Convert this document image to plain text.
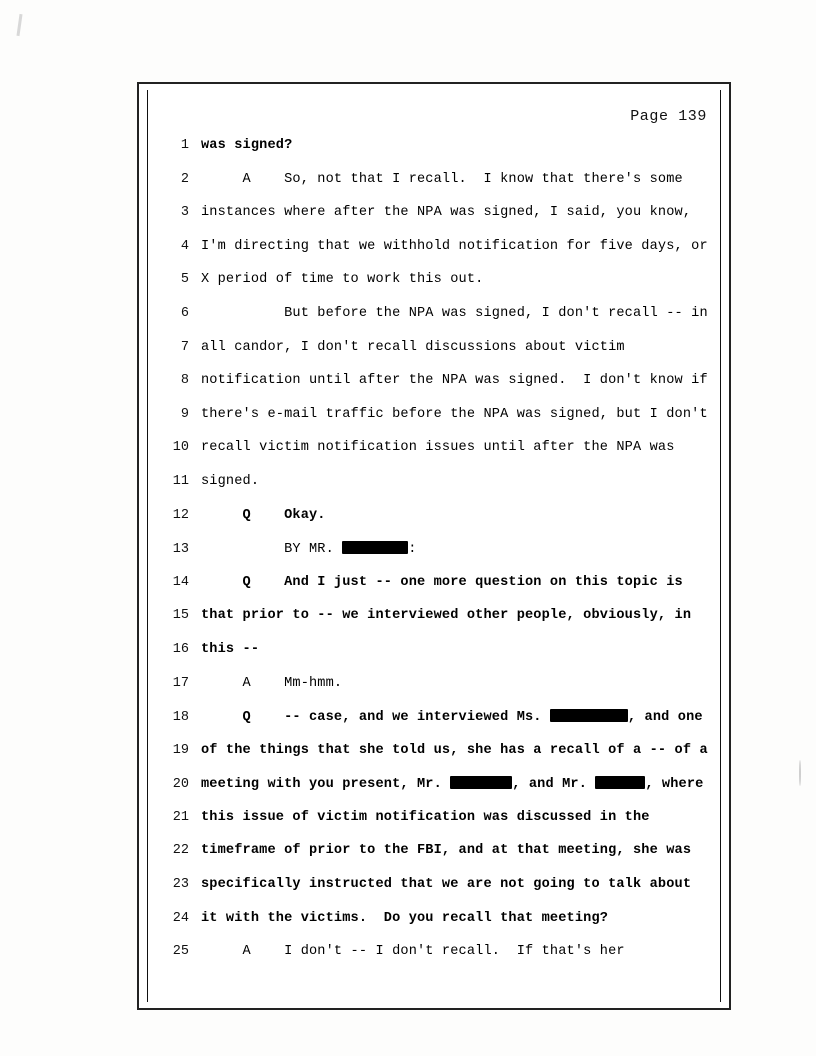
Page 139
1 was signed?
2 A    So, not that I recall.  I know that there's some
3 instances where after the NPA was signed, I said, you know,
4 I'm directing that we withhold notification for five days, or
5 X period of time to work this out.
6 But before the NPA was signed, I don't recall -- in
7 all candor, I don't recall discussions about victim
8 notification until after the NPA was signed.  I don't know if
9 there's e-mail traffic before the NPA was signed, but I don't
10 recall victim notification issues until after the NPA was
11 signed.
12 Q    Okay.
13 BY MR.	:
14 Q    And I just -- one more question on this topic is
15 that prior to -- we interviewed other people, obviously, in
16 this --
17 A    Mm-hmm.
18 Q    -- case, and we interviewed Ms.	, and one
19 of the things that she told us, she has a recall of a -- of a
20 meeting with you present, Mr.	, and Mr.	, where
21 this issue of victim notification was discussed in the
22 timeframe of prior to the FBI, and at that meeting, she was
23 specifically instructed that we are not going to talk about
24 it with the victims.  Do you recall that meeting?
25 A    I don't -- I don't recall.  If that's her
